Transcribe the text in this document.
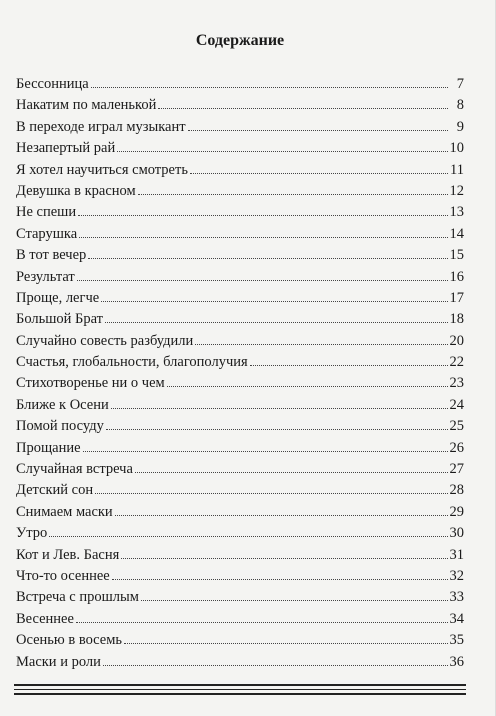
Содержание
Бессонница	7
Накатим по маленькой	8
В переходе играл музыкант	9
Незапертый рай	10
Я хотел научиться смотреть	11
Девушка в красном	12
Не спеши	13
Старушка	14
В тот вечер	15
Результат	16
Проще, легче	17
Большой Брат	18
Случайно совесть разбудили	20
Счастья, глобальности, благополучия	22
Стихотворенье ни о чем	23
Ближе к Осени	24
Помой посуду	25
Прощание	26
Случайная встреча	27
Детский сон	28
Снимаем маски	29
Утро	30
Кот и Лев. Басня	31
Что-то осеннее	32
Встреча с прошлым	33
Весеннее	34
Осенью в восемь	35
Маски и роли	36
